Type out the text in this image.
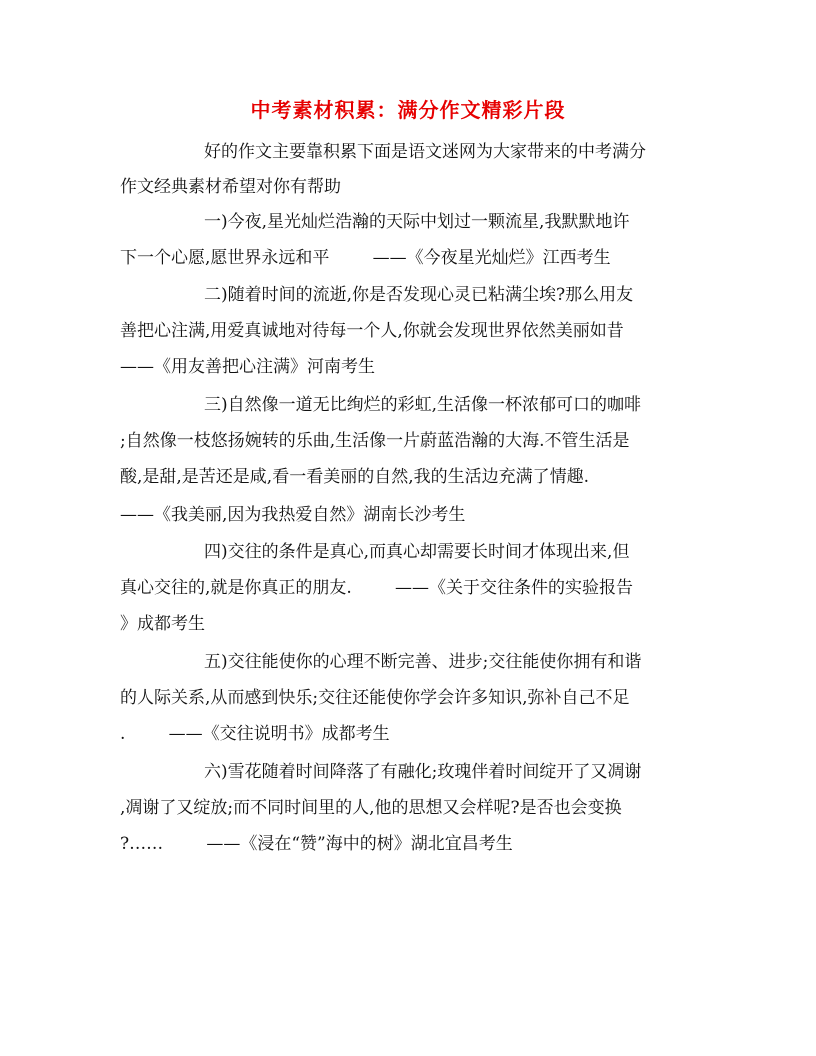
中考素材积累：满分作文精彩片段
好的作文主要靠积累下面是语文迷网为大家带来的中考满分
作文经典素材希望对你有帮助
一)今夜,星光灿烂浩瀚的天际中划过一颗流星,我默默地许
下一个心愿,愿世界永远和平        ——《今夜星光灿烂》江西考生
二)随着时间的流逝,你是否发现心灵已粘满尘埃?那么用友
善把心注满,用爱真诚地对待每一个人,你就会发现世界依然美丽如昔
——《用友善把心注满》河南考生
三)自然像一道无比绚烂的彩虹,生活像一杯浓郁可口的咖啡
;自然像一枝悠扬婉转的乐曲,生活像一片蔚蓝浩瀚的大海.不管生活是
酸,是甜,是苦还是咸,看一看美丽的自然,我的生活边充满了情趣.
——《我美丽,因为我热爱自然》湖南长沙考生
四)交往的条件是真心,而真心却需要长时间才体现出来,但
真心交往的,就是你真正的朋友.        ——《关于交往条件的实验报告
》成都考生
五)交往能使你的心理不断完善、进步;交往能使你拥有和谐
的人际关系,从而感到快乐;交往还能使你学会许多知识,弥补自己不足
.        ——《交往说明书》成都考生
六)雪花随着时间降落了有融化;玫瑰伴着时间绽开了又凋谢
,凋谢了又绽放;而不同时间里的人,他的思想又会样呢?是否也会变换
?……        ——《浸在“赞”海中的树》湖北宜昌考生
